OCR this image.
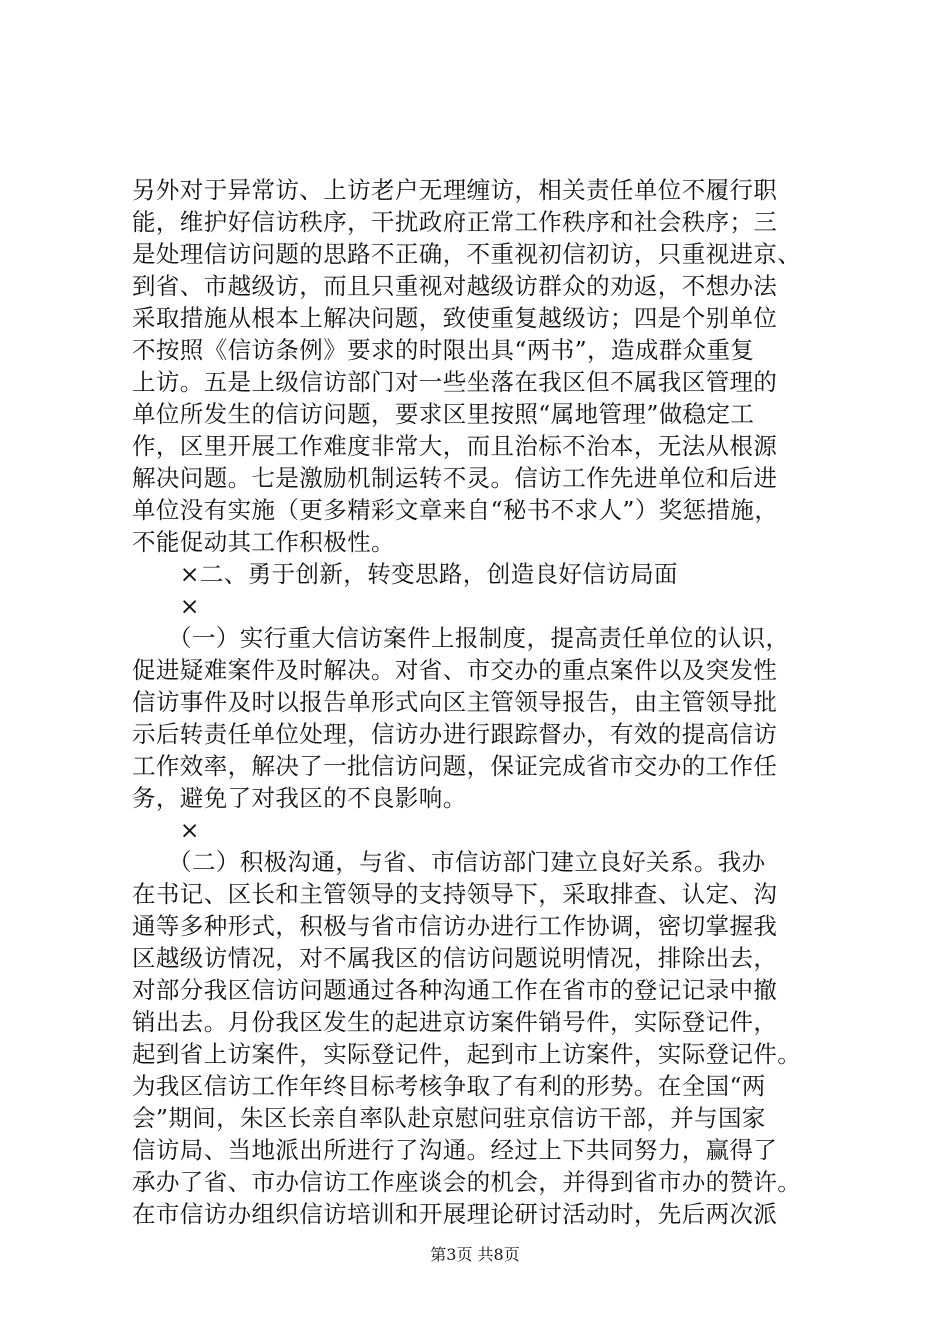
另外对于异常访、上访老户无理缠访，相关责任单位不履行职
能，维护好信访秩序，干扰政府正常工作秩序和社会秩序；三
是处理信访问题的思路不正确，不重视初信初访，只重视进京、
到省、市越级访，而且只重视对越级访群众的劝返，不想办法
采取措施从根本上解决问题，致使重复越级访；四是个别单位
不按照《信访条例》要求的时限出具“两书”，造成群众重复
上访。五是上级信访部门对一些坐落在我区但不属我区管理的
单位所发生的信访问题，要求区里按照“属地管理”做稳定工
作，区里开展工作难度非常大，而且治标不治本，无法从根源
解决问题。七是激励机制运转不灵。信访工作先进单位和后进
单位没有实施（更多精彩文章来自“秘书不求人”）奖惩措施，
不能促动其工作积极性。
　　×二、勇于创新，转变思路，创造良好信访局面
　　×
　　（一）实行重大信访案件上报制度，提高责任单位的认识，
促进疑难案件及时解决。对省、市交办的重点案件以及突发性
信访事件及时以报告单形式向区主管领导报告，由主管领导批
示后转责任单位处理，信访办进行跟踪督办，有效的提高信访
工作效率，解决了一批信访问题，保证完成省市交办的工作任
务，避免了对我区的不良影响。
　　×
　　（二）积极沟通，与省、市信访部门建立良好关系。我办
在书记、区长和主管领导的支持领导下，采取排查、认定、沟
通等多种形式，积极与省市信访办进行工作协调，密切掌握我
区越级访情况，对不属我区的信访问题说明情况，排除出去，
对部分我区信访问题通过各种沟通工作在省市的登记记录中撤
销出去。月份我区发生的起进京访案件销号件，实际登记件，
起到省上访案件，实际登记件，起到市上访案件，实际登记件。
为我区信访工作年终目标考核争取了有利的形势。在全国“两
会”期间，朱区长亲自率队赴京慰问驻京信访干部，并与国家
信访局、当地派出所进行了沟通。经过上下共同努力，赢得了
承办了省、市办信访工作座谈会的机会，并得到省市办的赞许。
在市信访办组织信访培训和开展理论研讨活动时，先后两次派
第3页 共8页
